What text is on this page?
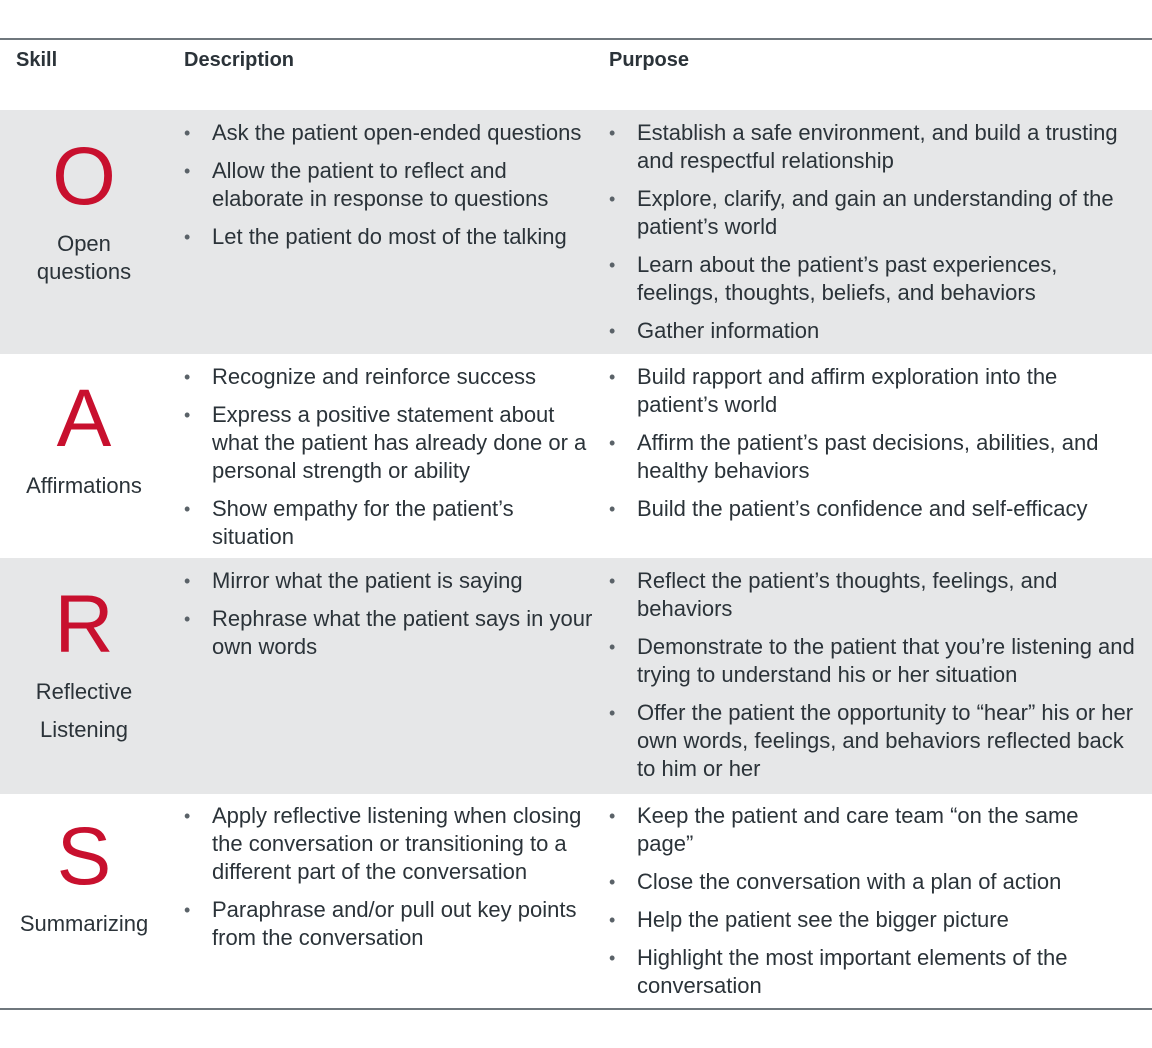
Skill	Description	Purpose
O
Open
questions
• Ask the patient open-ended questions
• Allow the patient to reflect and elaborate in response to questions
• Let the patient do most of the talking
• Establish a safe environment, and build a trusting and respectful relationship
• Explore, clarify, and gain an understanding of the patient’s world
• Learn about the patient’s past experiences, feelings, thoughts, beliefs, and behaviors
• Gather information
A
Affirmations
• Recognize and reinforce success
• Express a positive statement about what the patient has already done or a personal strength or ability
• Show empathy for the patient’s situation
• Build rapport and affirm exploration into the patient’s world
• Affirm the patient’s past decisions, abilities, and healthy behaviors
• Build the patient’s confidence and self-efficacy
R
Reflective
Listening
• Mirror what the patient is saying
• Rephrase what the patient says in your own words
• Reflect the patient’s thoughts, feelings, and behaviors
• Demonstrate to the patient that you’re listening and trying to understand his or her situation
• Offer the patient the opportunity to “hear” his or her own words, feelings, and behaviors reflected back to him or her
S
Summarizing
• Apply reflective listening when closing the conversation or transitioning to a different part of the conversation
• Paraphrase and/or pull out key points from the conversation
• Keep the patient and care team “on the same page”
• Close the conversation with a plan of action
• Help the patient see the bigger picture
• Highlight the most important elements of the conversation
